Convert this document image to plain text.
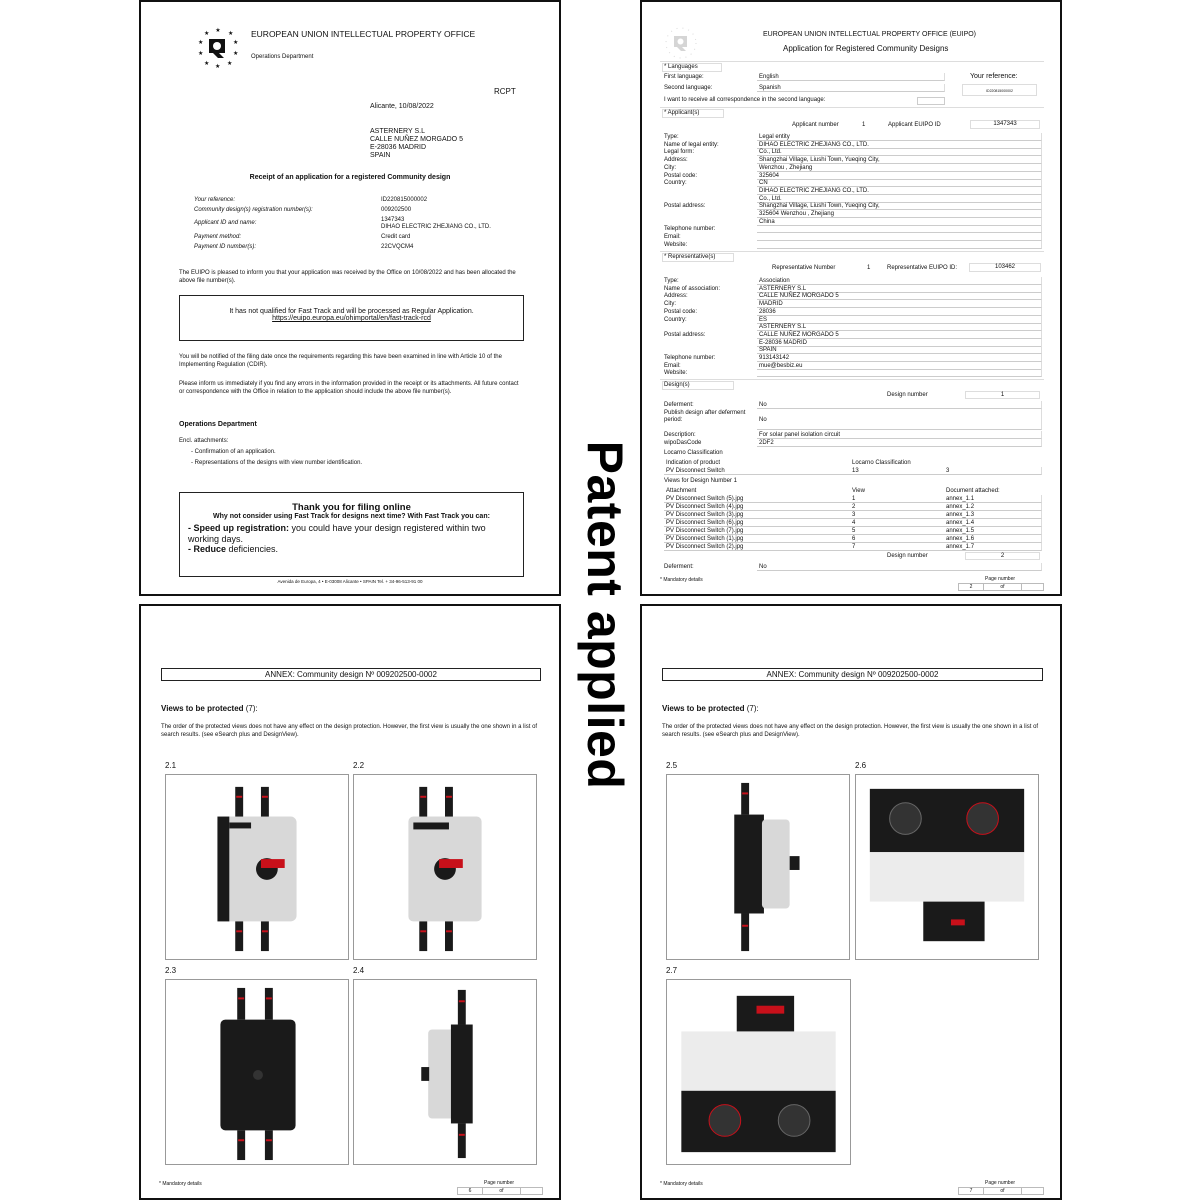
★ ★
★
★
★
★
★
★
★
★	EUROPEAN UNION INTELLECTUAL PROPERTY OFFICE
Operations Department
RCPT
Alicante, 10/08/2022
ASTERNERY S.L
CALLE NUÑEZ MORGADO 5
E-28036 MADRID
SPAIN
Receipt of an application for a registered Community design
Your reference:	ID220815000002
Community design(s) registration number(s):	009202500
Applicant ID and name:	1347343
DIHAO ELECTRIC ZHEJIANG CO., LTD.
Payment method:	Credit card
Payment ID number(s):	22CVQCM4
The EUIPO is pleased to inform you that your application was received by the Office on 10/08/2022 and has been allocated the above file number(s).
It has not qualified for Fast Track and will be processed as Regular Application.
https://euipo.europa.eu/ohimportal/en/fast-track-rcd
You will be notified of the filing date once the requirements regarding this have been examined in line with Article 10 of the Implementing Regulation (CDIR).
Please inform us immediately if you find any errors in the information provided in the receipt or its attachments. All future contact or correspondence with the Office in relation to the application should include the above file number(s).
Operations Department
Encl. attachments:
- Confirmation of an application.
- Representations of the designs with view number identification.
Thank you for filing online
Why not consider using Fast Track for designs next time? With Fast Track you can:
- Speed up registration: you could have your design registered within two working days.
- Reduce deficiencies.
Avenida de Europa, 4 • E-03008 Alicante • SPAIN Tel. + 34-96-513-91 00
EUROPEAN UNION INTELLECTUAL PROPERTY OFFICE (EUIPO)
Application for Registered Community Designs
* Languages
First language:	English
Second language:	Spanish
I want to receive all correspondence in the second language:
Your reference:
ID220815000002
* Applicant(s)
Applicant number	1	Applicant EUIPO ID	1347343
Type:	Legal entity
Name of legal entity:	DIHAO ELECTRIC ZHEJIANG CO., LTD.
Legal form:	Co., Ltd.
Address:	Shangzhai Village, Liushi Town, Yueqing City,
City:	Wenzhou , Zhejiang
Postal code:	325604
Country:	CN
DIHAO ELECTRIC ZHEJIANG CO., LTD.
Co., Ltd.
Postal address:	Shangzhai Village, Liushi Town, Yueqing City,
325604 Wenzhou , Zhejiang
China
Telephone number:
Email:
Website:
* Representative(s)
Representative Number	1	Representative EUIPO ID:	103462
Type:	Association
Name of association:	ASTERNERY S.L
Address:	CALLE NUÑEZ MORGADO 5
City:	MADRID
Postal code:	28036
Country:	ES
ASTERNERY S.L
Postal address:	CALLE NUÑEZ MORGADO 5
E-28036 MADRID
SPAIN
Telephone number:	913143142
Email:	mue@besbiz.eu
Website:
Design(s)
Design number	1
Deferment:	No
Publish design after deferment period:	No
Description:	For solar panel isolation circuit
wipoDasCode	2DF2
Locarno Classification
Indication of product	Locarno Classification
PV Disconnect Switch	13	3
Views for Design Number 1
Attachment	View	Document attached:
PV Disconnect Switch (5).jpg	1	annex_1.1
PV Disconnect Switch (4).jpg	2	annex_1.2
PV Disconnect Switch (3).jpg	3	annex_1.3
PV Disconnect Switch (6).jpg	4	annex_1.4
PV Disconnect Switch (7).jpg	5	annex_1.5
PV Disconnect Switch (1).jpg	6	annex_1.6
PV Disconnect Switch (2).jpg	7	annex_1.7
Design number	2
Deferment:	No
* Mandatory details	Page number
2	of
ANNEX: Community design Nº 009202500-0002
Views to be protected (7):
The order of the protected views does not have any effect on the design protection. However, the first view is usually the one shown in a list of search results. (see eSearch plus and DesignView).
2.1	2.2
2.3	2.4
* Mandatory details	Page number
6	of
ANNEX: Community design Nº 009202500-0002
Views to be protected (7):
The order of the protected views does not have any effect on the design protection. However, the first view is usually the one shown in a list of search results. (see eSearch plus and DesignView).
2.5	2.6
2.7
* Mandatory details	Page number
7	of
Patent applied
